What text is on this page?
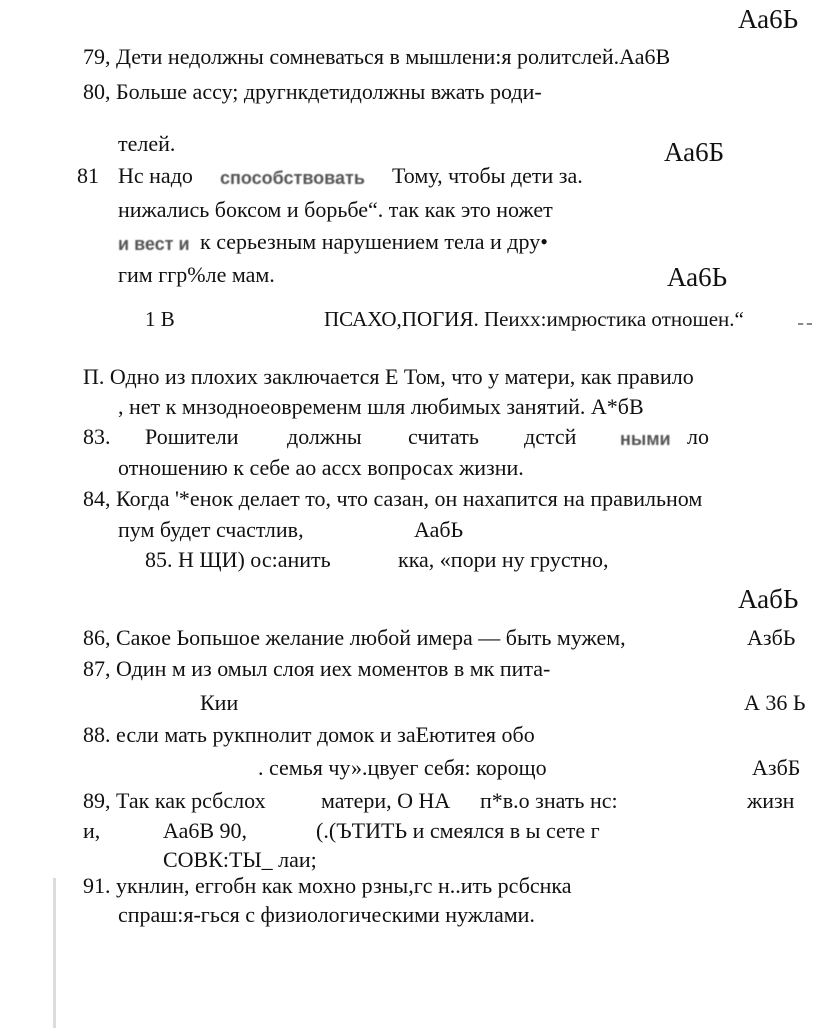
Аа6Ь
79, Дети недолжны сомневаться в мышлени:я ролитслей.Аа6В
80, Больше ассу; другнкдетидолжны вжать роди-
телей.	Аа6Б
81 Нс надо способствовать Тому, чтобы дети за.
нижались боксом и борьбе“. так как это ножет
и вест и к серьезным нарушением тела и дру•
гим ггр%ле мам.	Аа6Ь
1 В	ПСАХО,ПОГИЯ. Пеихх:имрюстика отношен.“
П. Одно из плохих заключается Е Том, что у матери, как правило
, нет к мнзоднoеовременм шля любимых занятий. А*бВ
83. Рошители должны считать дстсй ными ло
отношению к себе ао ассх вопросах жизни.
84, Когда '*енок делает то, что сазан, он нахапится на правильном
пум будет счастлив,	АабЬ
85. Н ЩИ) ос:анить	кка, «пори ну грустно,
АабЬ
86, Сакое Ьопьшое желание любой имера — быть мужем,	АзбЬ
87, Один м из омыл слоя иех моментов в мк пита-
Кии	А 36 Ь
88. если мать рукпнолит домок и заЕютитея обо
. семья чу».цвуег себя: корощо	АзбБ
89, Так как рсбслох	матери, О НА п*в.о знать нс:	жизн
и,	Аа6В 90,	(.(ЪТИТЬ и смеялся в ы сете г
СОВК:ТЫ_ лаи;
91. укнлин, еггобн как мохно рзны,гс н..ить рсбснка
спраш:я-гься с физиологическими нужлами.
